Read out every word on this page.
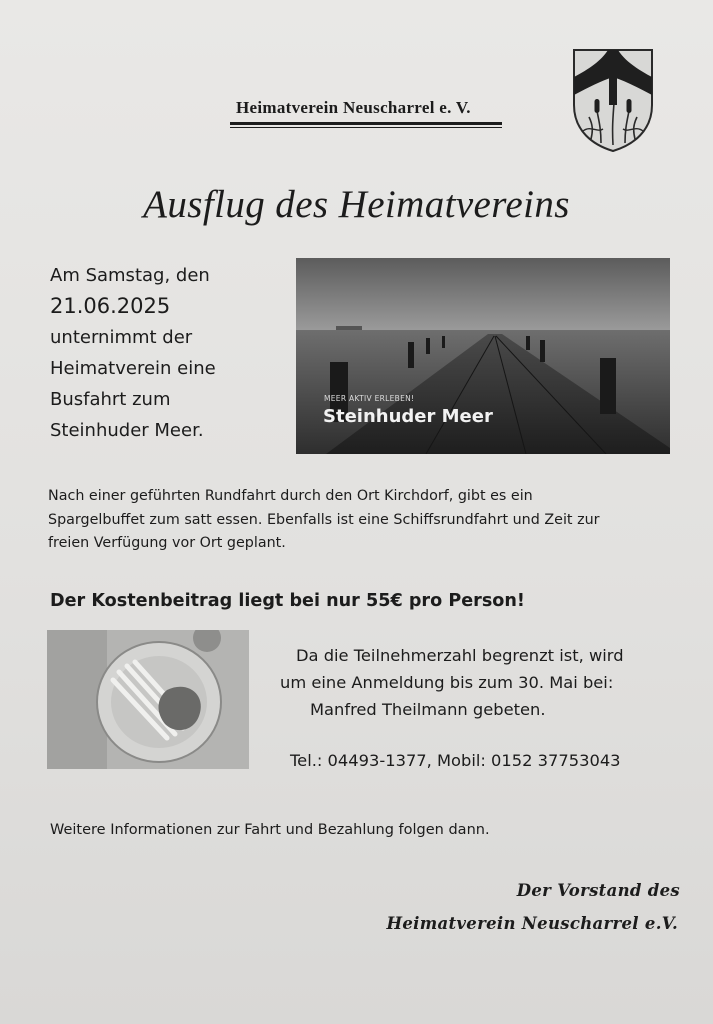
Heimatverein Neuscharrel e. V.
Ausflug des Heimatvereins
Am Samstag, den
21.06.2025
unternimmt der
Heimatverein eine
Busfahrt zum
Steinhuder Meer.
MEER AKTIV ERLEBEN!
Steinhuder Meer
Nach einer geführten Rundfahrt durch den Ort Kirchdorf, gibt es ein
Spargelbuffet zum satt essen. Ebenfalls ist eine Schiffsrundfahrt und Zeit zur
freien Verfügung vor Ort geplant.
Der Kostenbeitrag liegt bei nur 55€ pro Person!
Da die Teilnehmerzahl begrenzt ist, wird
um eine Anmeldung bis zum 30. Mai bei:
Manfred Theilmann gebeten.
Tel.: 04493-1377, Mobil: 0152 37753043
Weitere Informationen zur Fahrt und Bezahlung folgen dann.
Der Vorstand des
Heimatverein Neuscharrel e.V.
